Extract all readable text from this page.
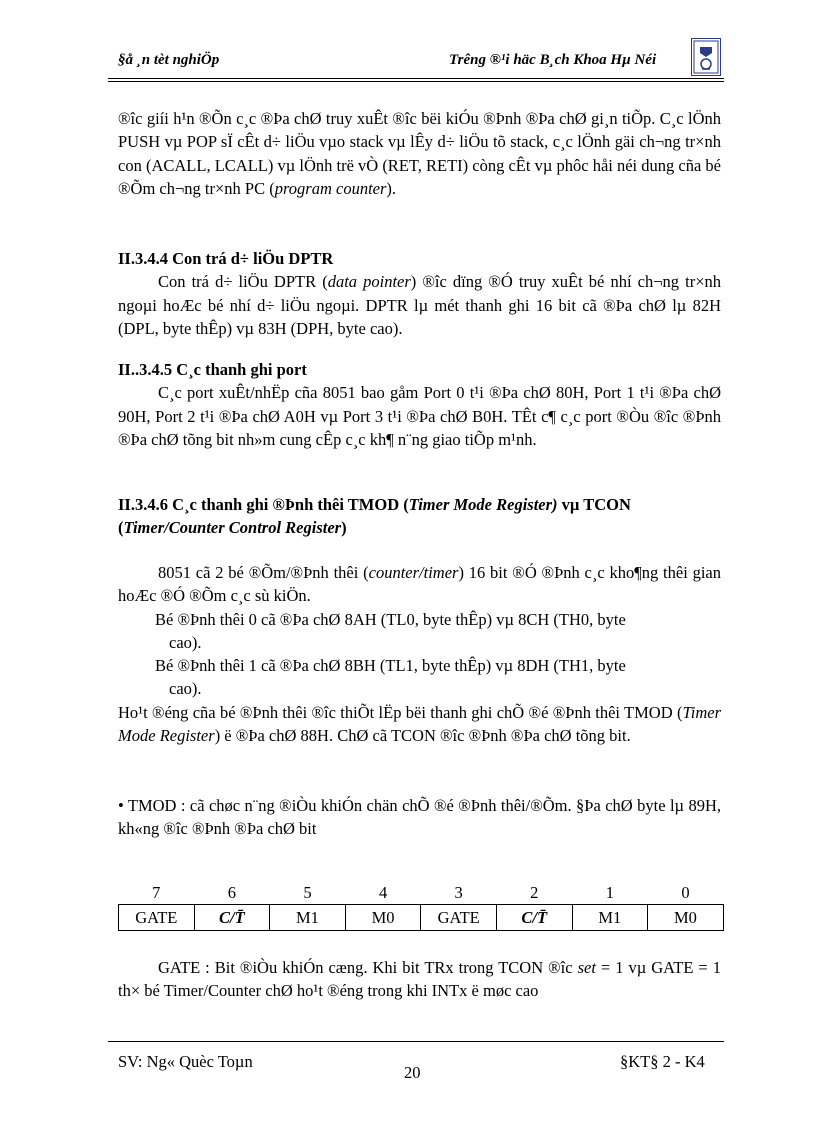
§å ¸n tèt nghiÖp	Trêng ®¹i häc B¸ch Khoa Hµ Néi

®îc giíi h¹n ®Õn c¸c ®Þa chØ truy xuÊt ®îc bëi kiÓu ®Þnh ®Þa chØ gi¸n tiÕp. C¸c lÖnh PUSH vµ POP sÏ cÊt d÷ liÖu vµo stack vµ lÊy d÷ liÖu tõ stack, c¸c lÖnh gäi ch¬ng tr×nh con (ACALL, LCALL) vµ lÖnh trë vÒ (RET, RETI) còng cÊt vµ phôc håi néi dung cña bé ®Õm ch¬ng tr×nh PC (program counter).

II.3.4.4 Con trá d÷ liÖu DPTR

Con trá d÷ liÖu DPTR (data pointer) ®îc dïng ®Ó truy xuÊt bé nhí ch¬ng tr×nh ngoµi hoÆc bé nhí d÷ liÖu ngoµi. DPTR lµ mét thanh ghi 16 bit cã ®Þa chØ lµ 82H (DPL, byte thÊp) vµ 83H (DPH, byte cao).

II..3.4.5 C¸c thanh ghi port

C¸c port xuÊt/nhËp cña 8051 bao gåm Port 0 t¹i ®Þa chØ 80H, Port 1 t¹i ®Þa chØ 90H, Port 2 t¹i ®Þa chØ A0H vµ Port 3 t¹i ®Þa chØ B0H. TÊt c¶ c¸c port ®Òu ®îc ®Þnh ®Þa chØ tõng bit nh»m cung cÊp c¸c kh¶ n¨ng giao tiÕp m¹nh.

II.3.4.6 C¸c thanh ghi ®Þnh thêi TMOD (Timer Mode Register) vµ TCON (Timer/Counter Control Register)

8051 cã 2 bé ®Õm/®Þnh thêi (counter/timer) 16 bit ®Ó ®Þnh c¸c kho¶ng thêi gian hoÆc ®Ó ®Õm c¸c sù kiÖn.

Bé ®Þnh thêi 0 cã ®Þa chØ 8AH (TL0, byte thÊp) vµ 8CH (TH0, byte
cao).

Bé ®Þnh thêi 1 cã ®Þa chØ 8BH (TL1, byte thÊp) vµ 8DH (TH1, byte
cao).

Ho¹t ®éng cña bé ®Þnh thêi ®îc thiÕt lËp bëi thanh ghi chÕ ®é ®Þnh thêi TMOD (Timer Mode Register) ë ®Þa chØ 88H. ChØ cã TCON ®îc ®Þnh ®Þa chØ tõng bit.

• TMOD : cã chøc n¨ng ®iÒu khiÓn chän chÕ ®é ®Þnh thêi/®Õm. §Þa chØ byte lµ 89H, kh«ng ®îc ®Þnh ®Þa chØ bit

7	6	5	4	3	2	1	0
GATE	C/T̄	M1	M0	GATE	C/T̄	M1	M0

GATE : Bit ®iÒu khiÓn cæng. Khi bit TRx trong TCON ®îc set = 1 vµ GATE = 1 th× bé Timer/Counter chØ ho¹t ®éng trong khi INTx ë møc cao

SV: Ng« Quèc Toµn
20
§KT§ 2 - K4
